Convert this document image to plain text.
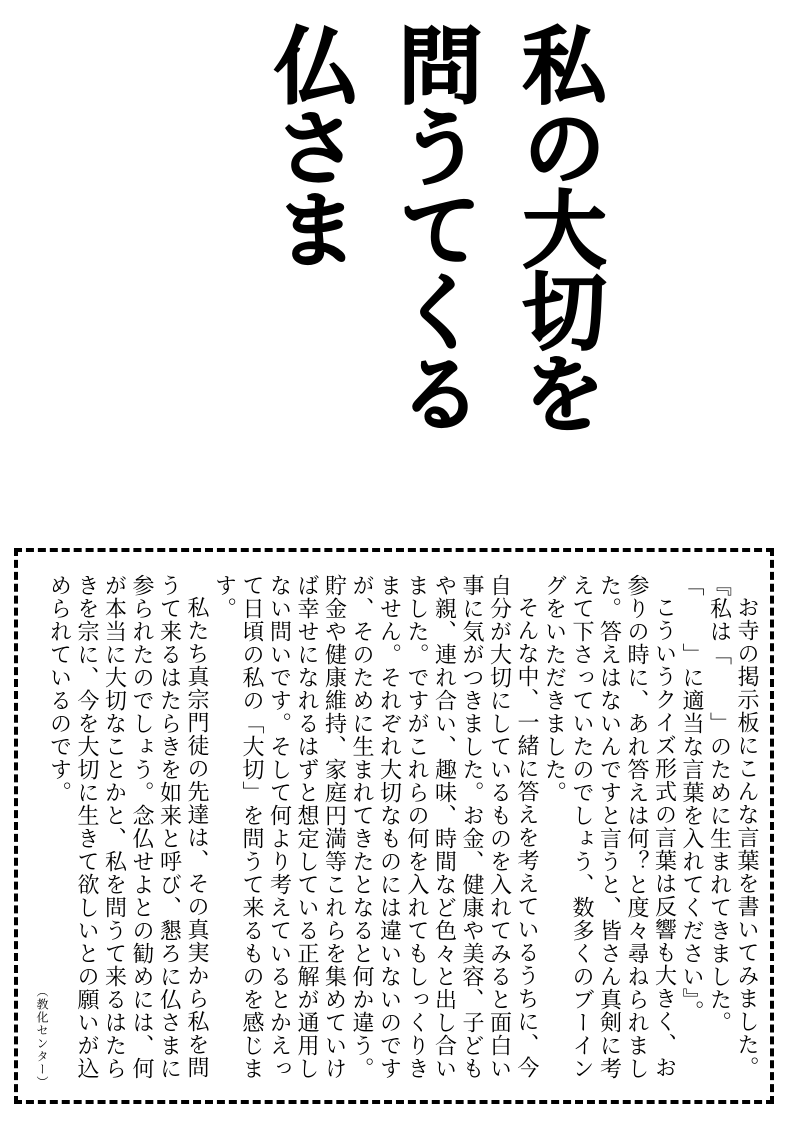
私の大切を
問うてくる
仏さま

お寺の掲示板にこんな言葉を書いてみました。『私は「　　」のために生まれてきました。「　　」に適当な言葉を入れてください』。

こういうクイズ形式の言葉は反響も大きく、お参りの時に、あれ答えは何？と度々尋ねられました。答えはないんですと言うと、皆さん真剣に考えて下さっていたのでしょう、数多くのブーイングをいただきました。

そんな中、一緒に答えを考えているうちに、今自分が大切にしているものを入れてみると面白い事に気がつきました。お金、健康や美容、子どもや親、連れ合い、趣味、時間など色々と出し合いました。ですがこれらの何を入れてもしっくりきません。それぞれ大切なものには違いないのですが、そのために生まれてきたとなると何か違う。貯金や健康維持、家庭円満等これらを集めていけば幸せになれるはずと想定している正解が通用しない問いです。そして何より考えているとかえって日頃の私の「大切」を問うて来るものを感じます。

私たち真宗門徒の先達は、その真実から私を問うて来るはたらきを如来と呼び、懇ろに仏さまに参られたのでしょう。念仏せよとの勧めには、何が本当に大切なことかと、私を問うて来るはたらきを宗に、今を大切に生きて欲しいとの願いが込められているのです。

（教化センター）
